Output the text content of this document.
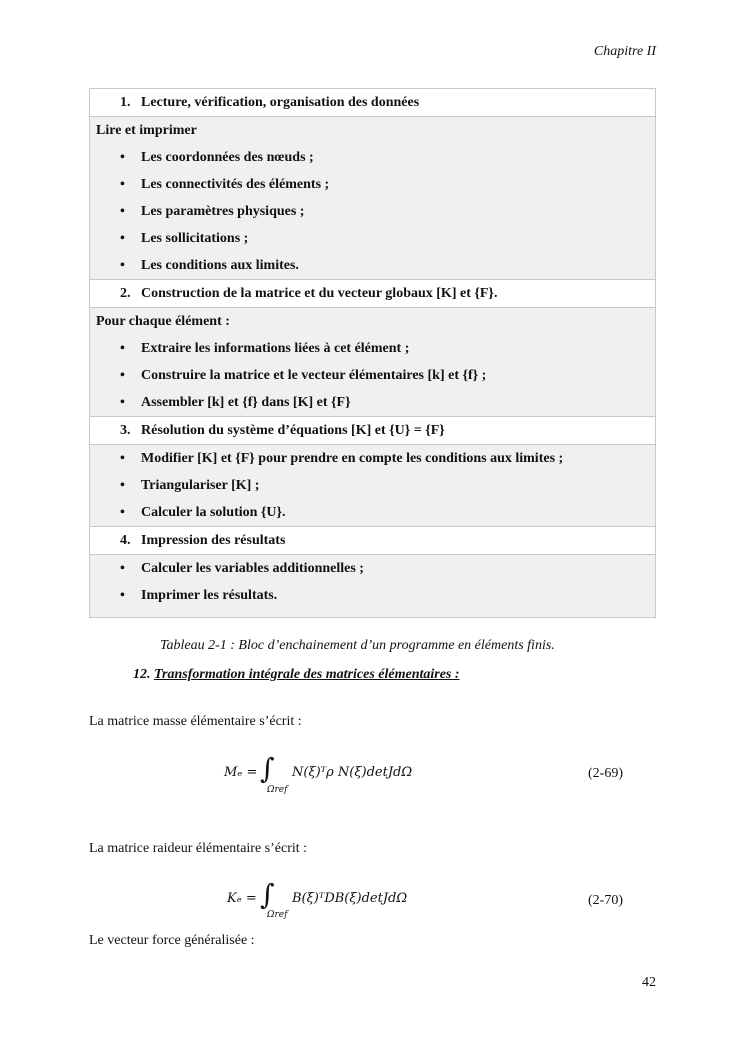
Chapitre II
1. Lecture, vérification, organisation des données

Lire et imprimer
• Les coordonnées des nœuds ;
• Les connectivités des éléments ;
• Les paramètres physiques ;
• Les sollicitations ;
• Les conditions aux limites.

2. Construction de la matrice et du vecteur globaux [K] et {F}.

Pour chaque élément :
• Extraire les informations liées à cet élément ;
• Construire la matrice et le vecteur élémentaires [k] et {f} ;
• Assembler [k] et {f} dans [K] et {F}

3. Résolution du système d’équations [K] et {U} = {F}

• Modifier [K] et {F} pour prendre en compte les conditions aux limites ;
• Triangulariser [K] ;
• Calculer la solution {U}.

4. Impression des résultats

• Calculer les variables additionnelles ;
• Imprimer les résultats.
Tableau 2-1 : Bloc d’enchainement d’un programme en éléments finis.
12. Transformation intégrale des matrices élémentaires :
La matrice masse élémentaire s’écrit :
Mₑ = ∫
Ωref
N(ξ)ᵀρ N(ξ)detJdΩ	(2-69)
La matrice raideur élémentaire s’écrit :
Kₑ = ∫
Ωref
B(ξ)ᵀDB(ξ)detJdΩ	(2-70)
Le vecteur force généralisée :
42
